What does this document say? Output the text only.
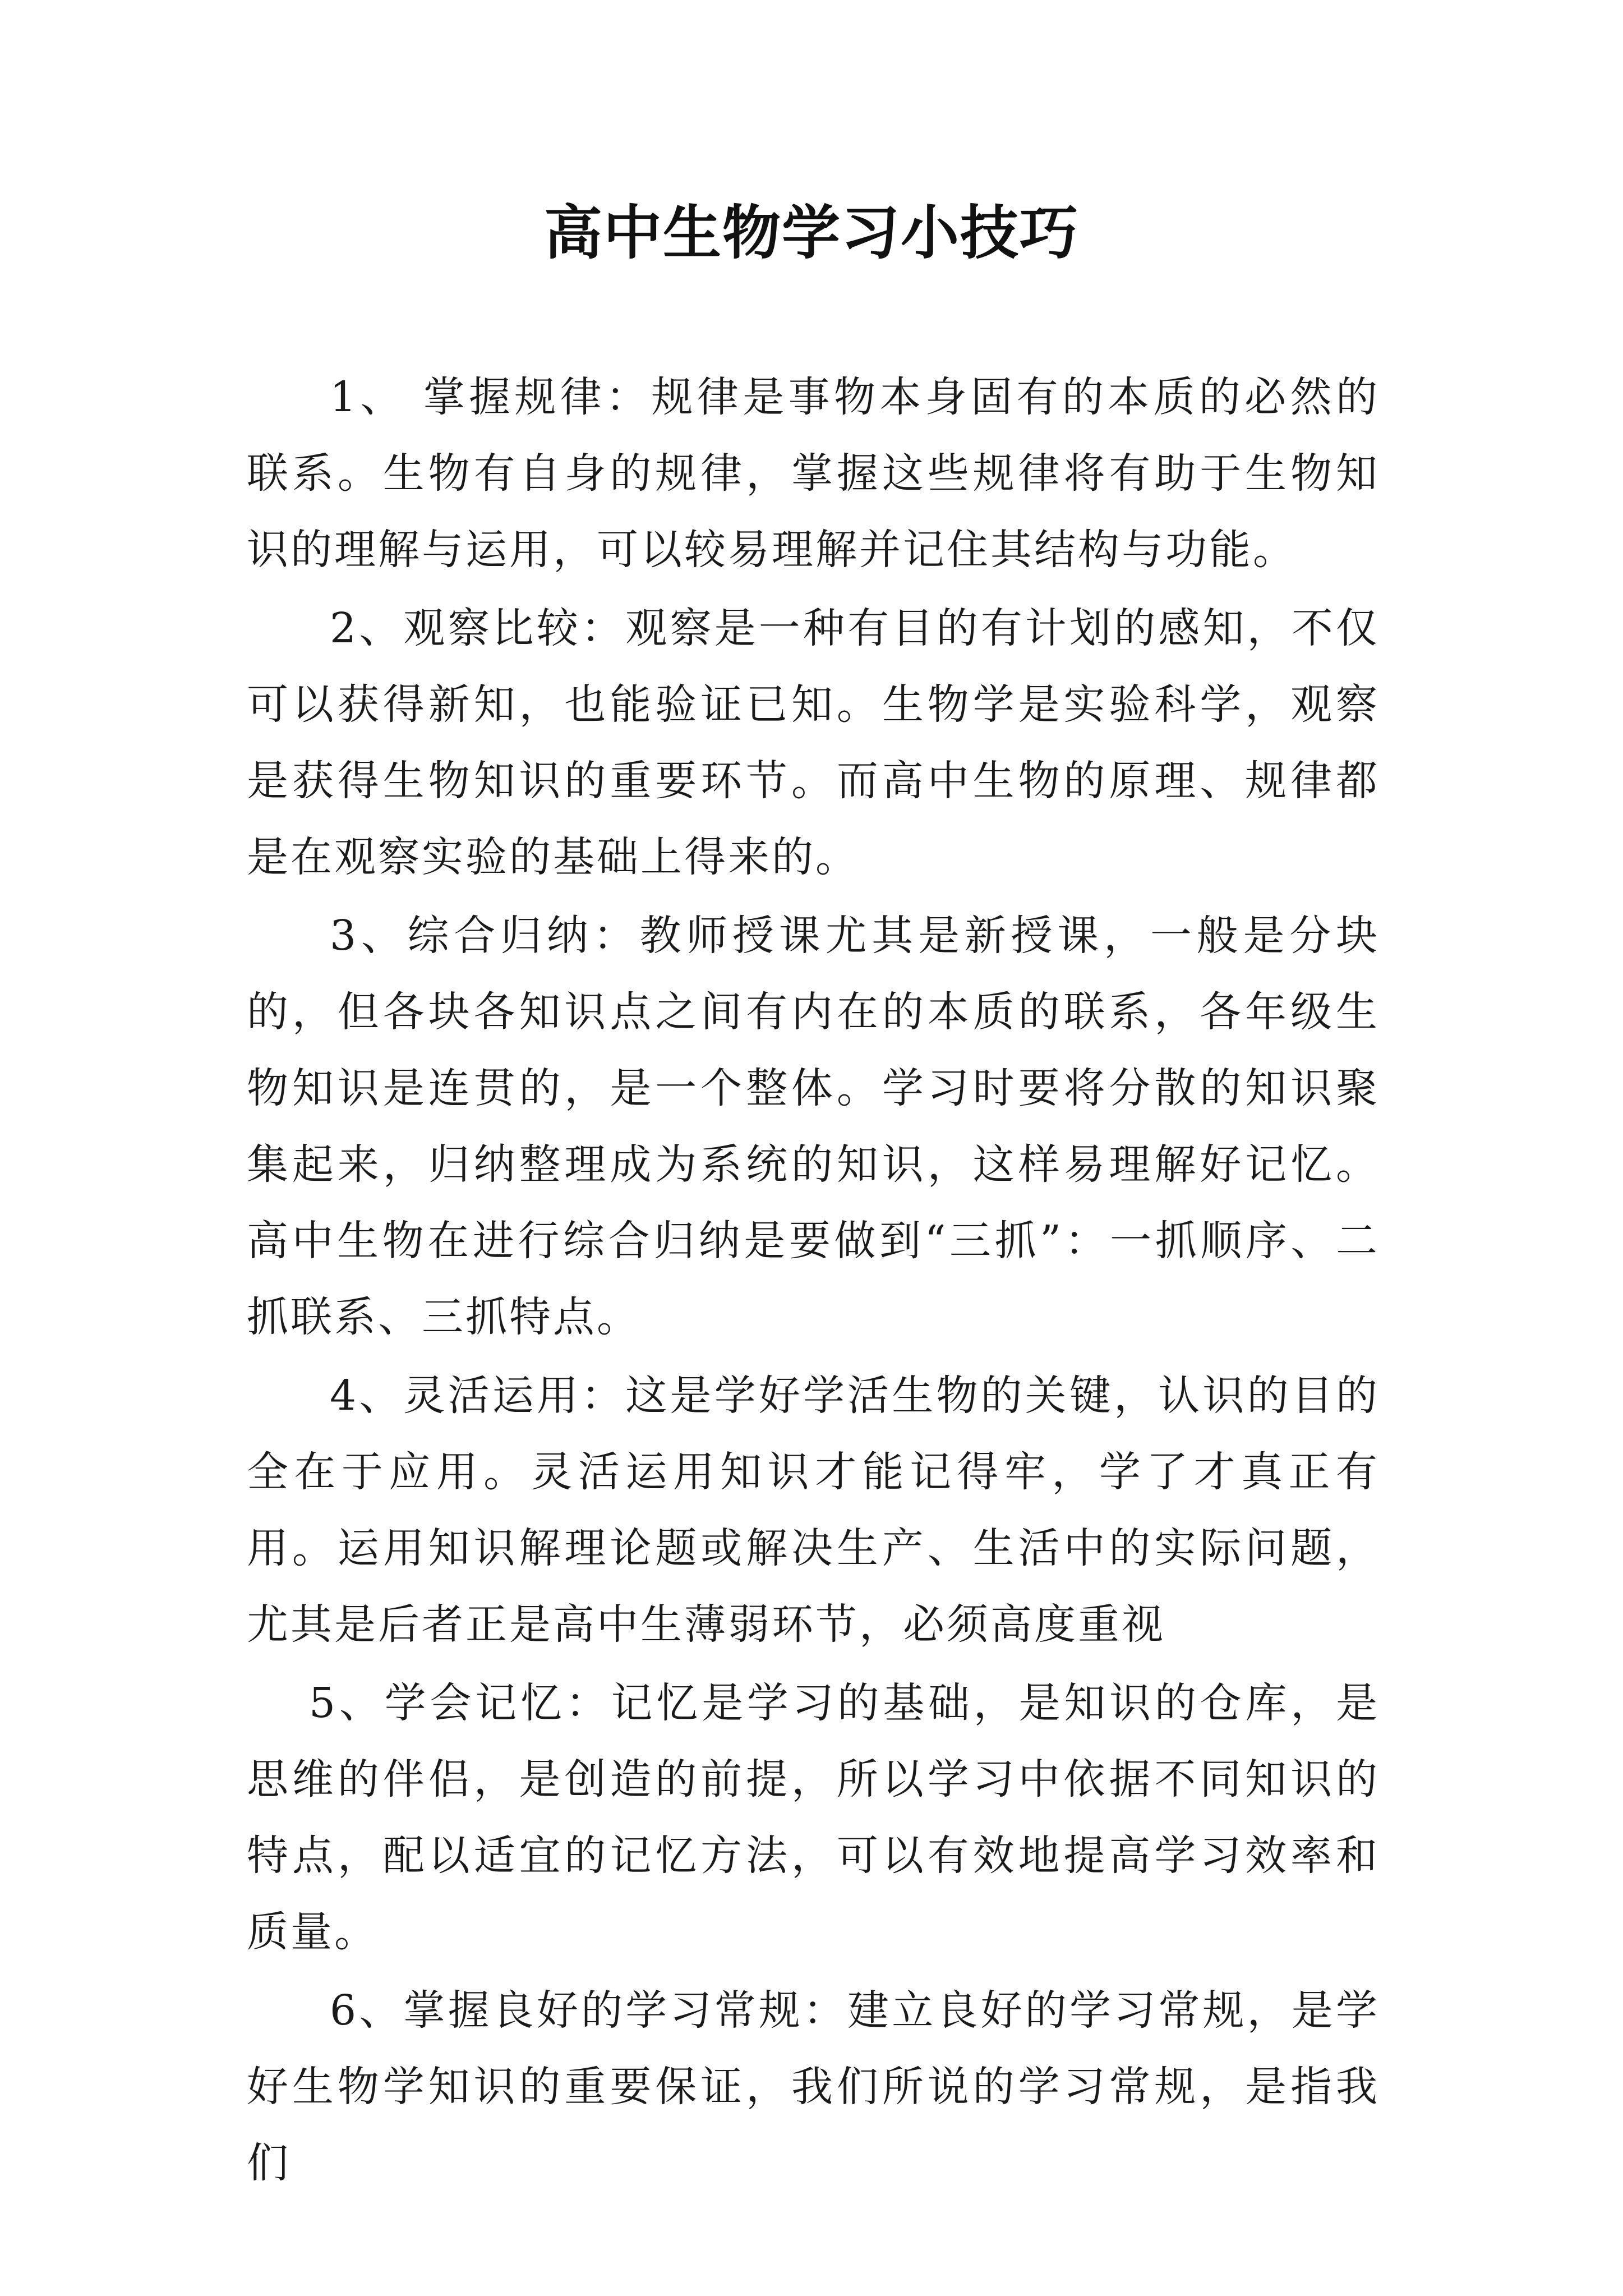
高中生物学习小技巧

1、 掌握规律：规律是事物本身固有的本质的必然的联系。生物有自身的规律，掌握这些规律将有助于生物知识的理解与运用，可以较易理解并记住其结构与功能。

2、观察比较：观察是一种有目的有计划的感知，不仅可以获得新知，也能验证已知。生物学是实验科学，观察是获得生物知识的重要环节。而高中生物的原理、规律都是在观察实验的基础上得来的。

3、综合归纳：教师授课尤其是新授课，一般是分块的，但各块各知识点之间有内在的本质的联系，各年级生物知识是连贯的，是一个整体。学习时要将分散的知识聚集起来，归纳整理成为系统的知识，这样易理解好记忆。高中生物在进行综合归纳是要做到“三抓”：一抓顺序、二抓联系、三抓特点。

4、灵活运用：这是学好学活生物的关键，认识的目的全在于应用。灵活运用知识才能记得牢，学了才真正有用。运用知识解理论题或解决生产、生活中的实际问题，尤其是后者正是高中生薄弱环节，必须高度重视

5、学会记忆：记忆是学习的基础，是知识的仓库，是思维的伴侣，是创造的前提，所以学习中依据不同知识的特点，配以适宜的记忆方法，可以有效地提高学习效率和质量。

6、掌握良好的学习常规：建立良好的学习常规，是学好生物学知识的重要保证，我们所说的学习常规，是指我们
